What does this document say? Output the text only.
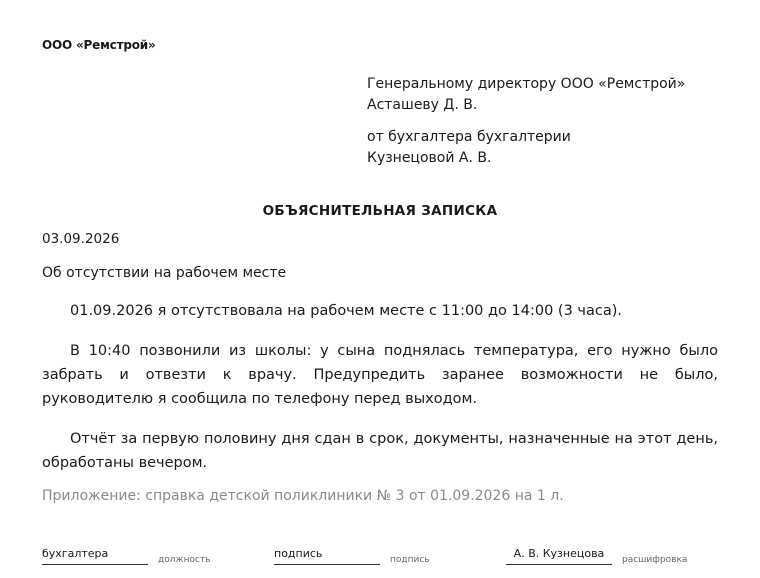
ООО «Ремстрой»
Генеральному директору ООО «Ремстрой»
Асташеву Д. В.
от бухгалтера бухгалтерии
Кузнецовой А. В.
ОБЪЯСНИТЕЛЬНАЯ ЗАПИСКА
03.09.2026
Об отсутствии на рабочем месте
01.09.2026 я отсутствовала на рабочем месте с 11:00 до 14:00 (3 часа).
В 10:40 позвонили из школы: у сына поднялась температура, его нужно было забрать и отвезти к врачу. Предупредить заранее возможности не было, руководителю я сообщила по телефону перед выходом.
Отчёт за первую половину дня сдан в срок, документы, назначенные на этот день, обработаны вечером.
Приложение: справка детской поликлиники № 3 от 01.09.2026 на 1 л.
бухгалтера	должность	подпись	подпись	А. В. Кузнецова	расшифровка
